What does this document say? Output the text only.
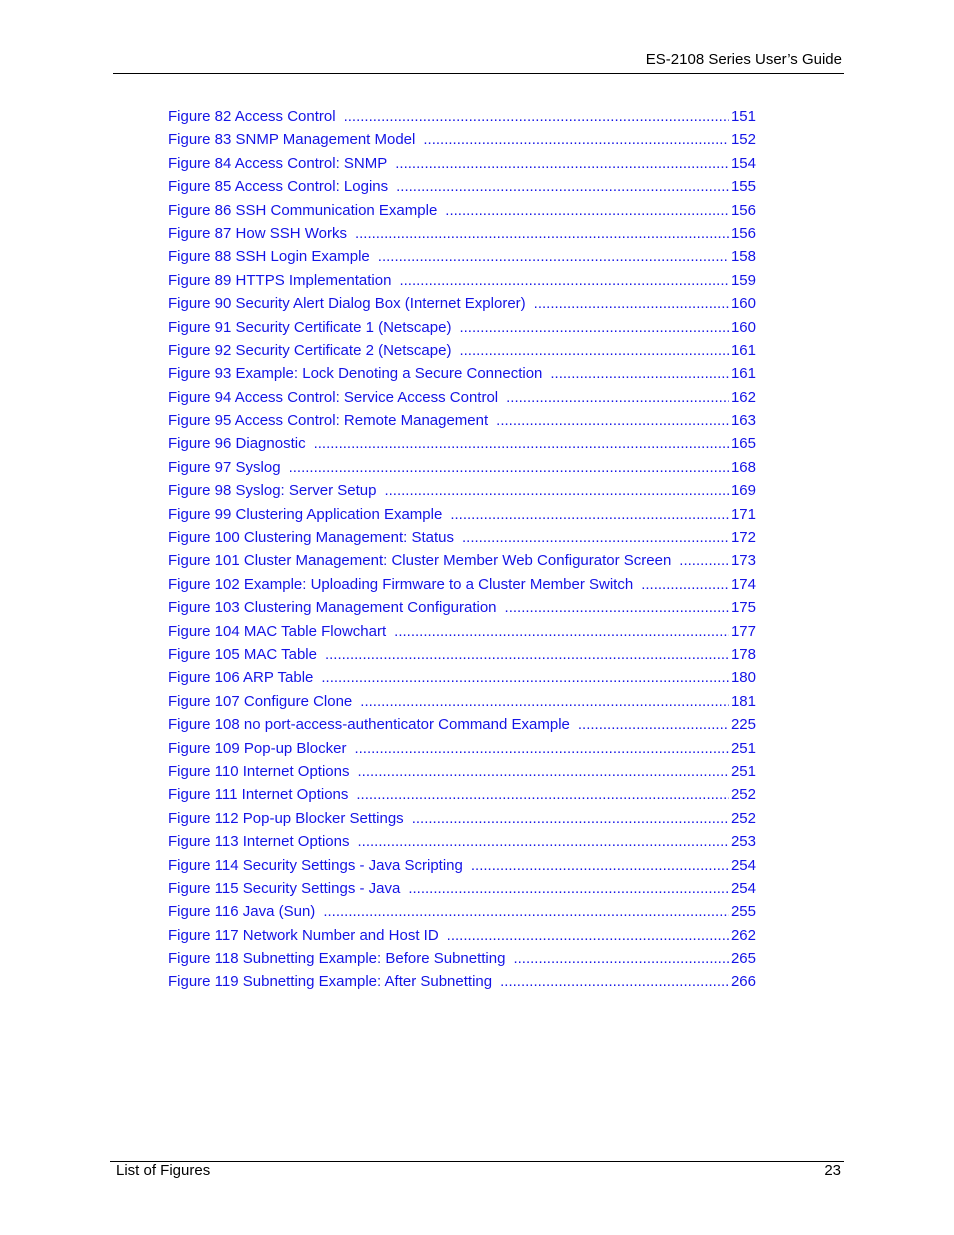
ES-2108 Series User’s Guide
Figure 82 Access Control .....	151
Figure 83 SNMP Management Model .....	152
Figure 84 Access Control: SNMP .....	154
Figure 85 Access Control: Logins .....	155
Figure 86 SSH Communication Example .....	156
Figure 87 How SSH Works .....	156
Figure 88 SSH Login Example .....	158
Figure 89 HTTPS Implementation .....	159
Figure 90 Security Alert Dialog Box (Internet Explorer) .....	160
Figure 91 Security Certificate 1 (Netscape) .....	160
Figure 92 Security Certificate 2 (Netscape) .....	161
Figure 93 Example: Lock Denoting a Secure Connection .....	161
Figure 94 Access Control: Service Access Control .....	162
Figure 95 Access Control: Remote Management .....	163
Figure 96 Diagnostic .....	165
Figure 97 Syslog .....	168
Figure 98 Syslog: Server Setup .....	169
Figure 99 Clustering Application Example .....	171
Figure 100 Clustering Management: Status .....	172
Figure 101 Cluster Management: Cluster Member Web Configurator Screen .....	173
Figure 102 Example: Uploading Firmware to a Cluster Member Switch .....	174
Figure 103 Clustering Management Configuration .....	175
Figure 104 MAC Table Flowchart .....	177
Figure 105 MAC Table .....	178
Figure 106 ARP Table .....	180
Figure 107 Configure Clone .....	181
Figure 108 no port-access-authenticator Command Example .....	225
Figure 109 Pop-up Blocker .....	251
Figure 110 Internet Options .....	251
Figure 111 Internet Options .....	252
Figure 112 Pop-up Blocker Settings .....	252
Figure 113 Internet Options .....	253
Figure 114 Security Settings - Java Scripting .....	254
Figure 115 Security Settings - Java .....	254
Figure 116 Java (Sun) .....	255
Figure 117 Network Number and Host ID .....	262
Figure 118 Subnetting Example: Before Subnetting .....	265
Figure 119 Subnetting Example: After Subnetting .....	266
List of Figures	23
